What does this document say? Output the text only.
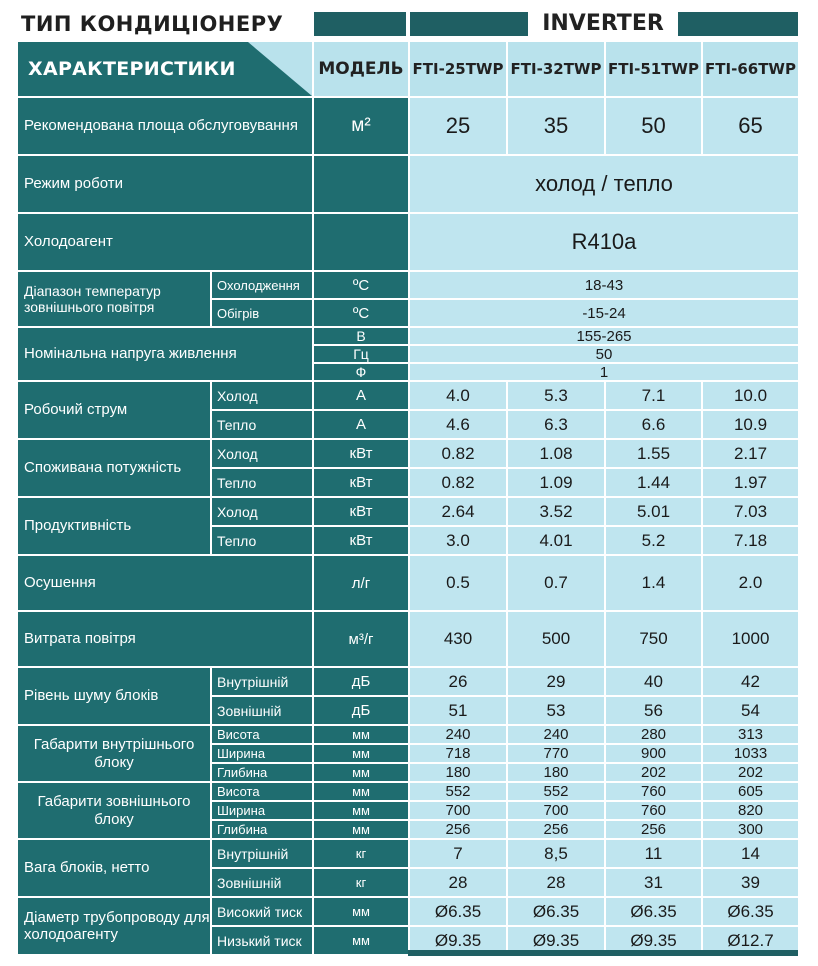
ТИП КОНДИЦІОНЕРУ	INVERTER
ХАРАКТЕРИСТИКИ	МОДЕЛЬ FTI-25TWP FTI-32TWP FTI-51TWP FTI-66TWP
Рекомендована площа обслуговування	м²	25	35	50	65
Режим роботи	холод / тепло
Холодоагент	R410a
Діапазон температур зовнішнього повітря
Охолодження	ºC	18-43
Обігрів	ºC	-15-24
Номінальна напруга живлення
В	155-265
Гц	50
Ф	1
Робочий струм
Холод	А	4.0	5.3	7.1	10.0
Тепло	А	4.6	6.3	6.6	10.9
Споживана потужність
Холод	кВт	0.82	1.08	1.55	2.17
Тепло	кВт	0.82	1.09	1.44	1.97
Продуктивність
Холод	кВт	2.64	3.52	5.01	7.03
Тепло	кВт	3.0	4.01	5.2	7.18
Осушення	л/г	0.5	0.7	1.4	2.0
Витрата повітря	м³/г	430	500	750	1000
Рівень шуму блоків
Внутрішній	дБ	26	29	40	42
Зовнішній	дБ	51	53	56	54
Габарити внутрішнього блоку
Висота	мм	240	240	280	313
Ширина	мм	718	770	900	1033
Глибина	мм	180	180	202	202
Габарити зовнішнього блоку
Висота	мм	552	552	760	605
Ширина	мм	700	700	760	820
Глибина	мм	256	256	256	300
Вага блоків, нетто
Внутрішній	кг	7	8,5	11	14
Зовнішній	кг	28	28	31	39
Діаметр трубопроводу для холодоагенту
Високий тиск	мм	Ø6.35	Ø6.35	Ø6.35	Ø6.35
Низький тиск	мм	Ø9.35	Ø9.35	Ø9.35	Ø12.7
